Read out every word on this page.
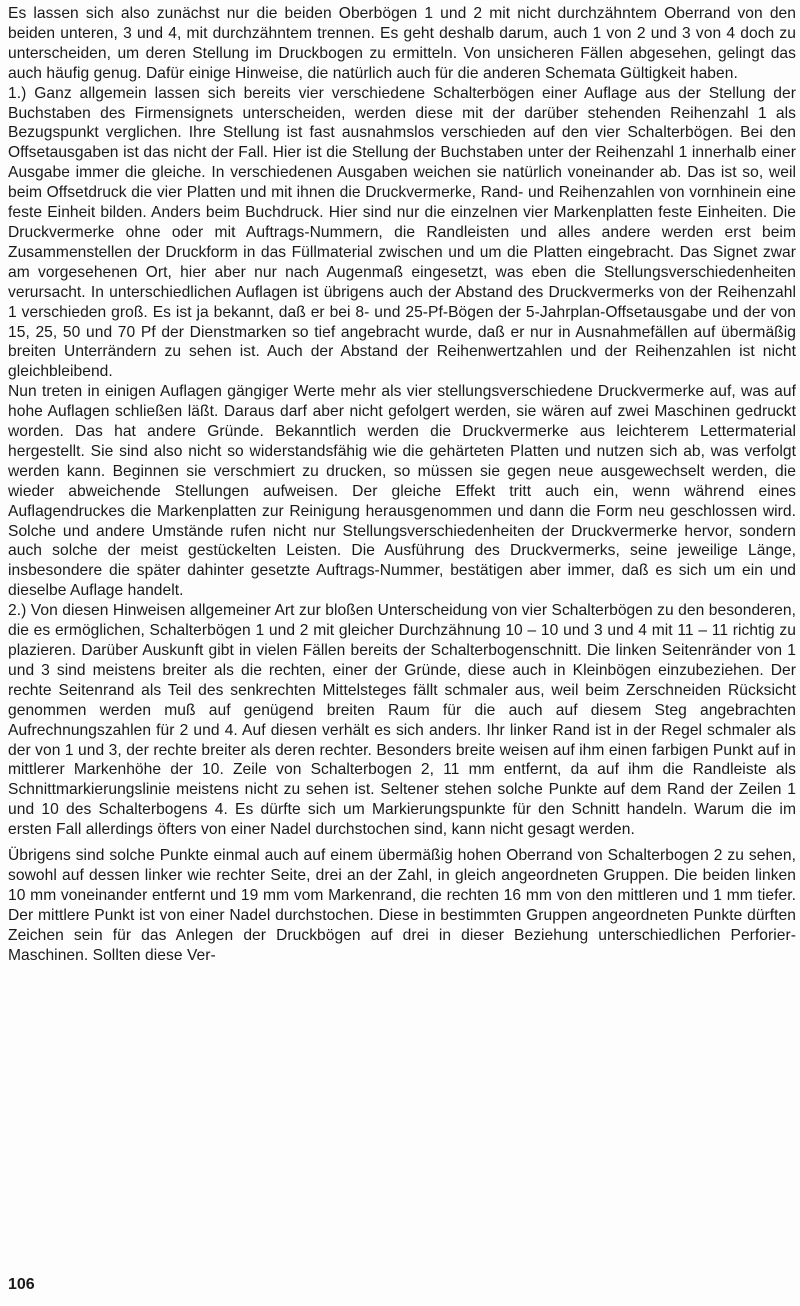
Es lassen sich also zunächst nur die beiden Oberbögen 1 und 2 mit nicht durchzähntem Oberrand von den beiden unteren, 3 und 4, mit durchzähntem trennen. Es geht deshalb darum, auch 1 von 2 und 3 von 4 doch zu unterscheiden, um deren Stellung im Druckbogen zu ermitteln. Von unsicheren Fällen abgesehen, gelingt das auch häufig genug. Dafür einige Hinweise, die natürlich auch für die anderen Schemata Gültigkeit haben.

1.) Ganz allgemein lassen sich bereits vier verschiedene Schalterbögen einer Auflage aus der Stellung der Buchstaben des Firmensignets unterscheiden, werden diese mit der darüber stehenden Reihenzahl 1 als Bezugspunkt verglichen. Ihre Stellung ist fast ausnahmslos verschieden auf den vier Schalterbögen. Bei den Offsetausgaben ist das nicht der Fall. Hier ist die Stellung der Buchstaben unter der Reihenzahl 1 innerhalb einer Ausgabe immer die gleiche. In verschiedenen Ausgaben weichen sie natürlich voneinander ab. Das ist so, weil beim Offsetdruck die vier Platten und mit ihnen die Druckvermerke, Rand- und Reihenzahlen von vornhinein eine feste Einheit bilden. Anders beim Buchdruck. Hier sind nur die einzelnen vier Markenplatten feste Einheiten. Die Druckvermerke ohne oder mit Auftrags-Nummern, die Randleisten und alles andere werden erst beim Zusammenstellen der Druckform in das Füllmaterial zwischen und um die Platten eingebracht. Das Signet zwar am vorgesehenen Ort, hier aber nur nach Augenmaß eingesetzt, was eben die Stellungsverschiedenheiten verursacht. In unterschiedlichen Auflagen ist übrigens auch der Abstand des Druckvermerks von der Reihenzahl 1 verschieden groß. Es ist ja bekannt, daß er bei 8- und 25-Pf-Bögen der 5-Jahrplan-Offsetausgabe und der von 15, 25, 50 und 70 Pf der Dienstmarken so tief angebracht wurde, daß er nur in Ausnahmefällen auf übermäßig breiten Unterrändern zu sehen ist. Auch der Abstand der Reihenwertzahlen und der Reihenzahlen ist nicht gleichbleibend.

Nun treten in einigen Auflagen gängiger Werte mehr als vier stellungsverschiedene Druckvermerke auf, was auf hohe Auflagen schließen läßt. Daraus darf aber nicht gefolgert werden, sie wären auf zwei Maschinen gedruckt worden. Das hat andere Gründe. Bekanntlich werden die Druckvermerke aus leichterem Lettermaterial hergestellt. Sie sind also nicht so widerstandsfähig wie die gehärteten Platten und nutzen sich ab, was verfolgt werden kann. Beginnen sie verschmiert zu drucken, so müssen sie gegen neue ausgewechselt werden, die wieder abweichende Stellungen aufweisen. Der gleiche Effekt tritt auch ein, wenn während eines Auflagendruckes die Markenplatten zur Reinigung herausgenommen und dann die Form neu geschlossen wird. Solche und andere Umstände rufen nicht nur Stellungsverschiedenheiten der Druckvermerke hervor, sondern auch solche der meist gestückelten Leisten. Die Ausführung des Druckvermerks, seine jeweilige Länge, insbesondere die später dahinter gesetzte Auftrags-Nummer, bestätigen aber immer, daß es sich um ein und dieselbe Auflage handelt.

2.) Von diesen Hinweisen allgemeiner Art zur bloßen Unterscheidung von vier Schalterbögen zu den besonderen, die es ermöglichen, Schalterbögen 1 und 2 mit gleicher Durchzähnung 10 – 10 und 3 und 4 mit 11 – 11 richtig zu plazieren. Darüber Auskunft gibt in vielen Fällen bereits der Schalterbogenschnitt. Die linken Seitenränder von 1 und 3 sind meistens breiter als die rechten, einer der Gründe, diese auch in Kleinbögen einzubeziehen. Der rechte Seitenrand als Teil des senkrechten Mittelsteges fällt schmaler aus, weil beim Zerschneiden Rücksicht genommen werden muß auf genügend breiten Raum für die auch auf diesem Steg angebrachten Aufrechnungszahlen für 2 und 4. Auf diesen verhält es sich anders. Ihr linker Rand ist in der Regel schmaler als der von 1 und 3, der rechte breiter als deren rechter. Besonders breite weisen auf ihm einen farbigen Punkt auf in mittlerer Markenhöhe der 10. Zeile von Schalterbogen 2, 11 mm entfernt, da auf ihm die Randleiste als Schnittmarkierungslinie meistens nicht zu sehen ist. Seltener stehen solche Punkte auf dem Rand der Zeilen 1 und 10 des Schalterbogens 4. Es dürfte sich um Markierungspunkte für den Schnitt handeln. Warum die im ersten Fall allerdings öfters von einer Nadel durchstochen sind, kann nicht gesagt werden.

Übrigens sind solche Punkte einmal auch auf einem übermäßig hohen Oberrand von Schalterbogen 2 zu sehen, sowohl auf dessen linker wie rechter Seite, drei an der Zahl, in gleich angeordneten Gruppen. Die beiden linken 10 mm voneinander entfernt und 19 mm vom Markenrand, die rechten 16 mm von den mittleren und 1 mm tiefer. Der mittlere Punkt ist von einer Nadel durchstochen. Diese in bestimmten Gruppen angeordneten Punkte dürften Zeichen sein für das Anlegen der Druckbögen auf drei in dieser Beziehung unterschiedlichen Perforier-Maschinen. Sollten diese Ver-

106
